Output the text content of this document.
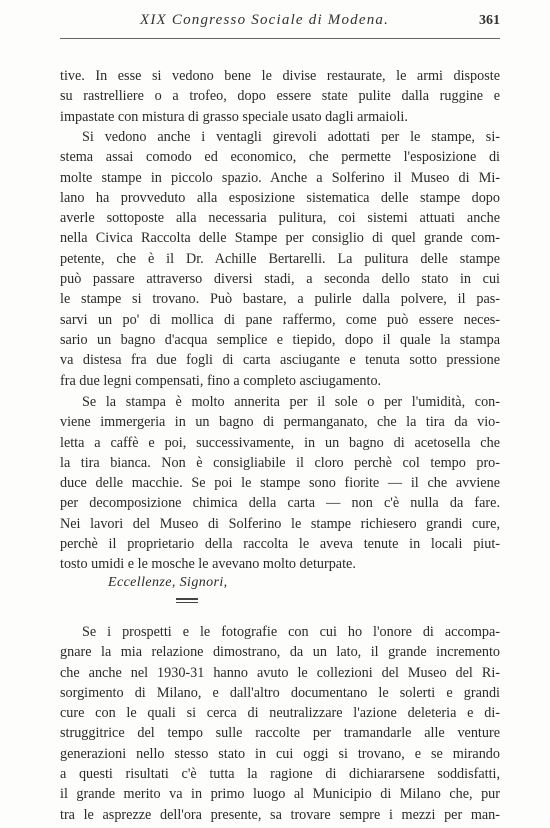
XIX Congresso Sociale di Modena.	361
tive. In esse si vedono bene le divise restaurate, le armi disposte
su rastrelliere o a trofeo, dopo essere state pulite dalla ruggine e
impastate con mistura di grasso speciale usato dagli armaioli.
Si vedono anche i ventagli girevoli adottati per le stampe, si-
stema assai comodo ed economico, che permette l'esposizione di
molte stampe in piccolo spazio. Anche a Solferino il Museo di Mi-
lano ha provveduto alla esposizione sistematica delle stampe dopo
averle sottoposte alla necessaria pulitura, coi sistemi attuati anche
nella Civica Raccolta delle Stampe per consiglio di quel grande com-
petente, che è il Dr. Achille Bertarelli. La pulitura delle stampe
può passare attraverso diversi stadi, a seconda dello stato in cui
le stampe si trovano. Può bastare, a pulirle dalla polvere, il pas-
sarvi un po' di mollica di pane raffermo, come può essere neces-
sario un bagno d'acqua semplice e tiepido, dopo il quale la stampa
va distesa fra due fogli di carta asciugante e tenuta sotto pressione
fra due legni compensati, fino a completo asciugamento.
Se la stampa è molto annerita per il sole o per l'umidità, con-
viene immergeria in un bagno di permanganato, che la tira da vio-
letta a caffè e poi, successivamente, in un bagno di acetosella che
la tira bianca. Non è consigliabile il cloro perchè col tempo pro-
duce delle macchie. Se poi le stampe sono fiorite — il che avviene
per decomposizione chimica della carta — non c'è nulla da fare.
Nei lavori del Museo di Solferino le stampe richiesero grandi cure,
perchè il proprietario della raccolta le aveva tenute in locali piut-
tosto umidi e le mosche le avevano molto deturpate.
Eccellenze, Signori,
Se i prospetti e le fotografie con cui ho l'onore di accompa-
gnare la mia relazione dimostrano, da un lato, il grande incremento
che anche nel 1930-31 hanno avuto le collezioni del Museo del Ri-
sorgimento di Milano, e dall'altro documentano le solerti e grandi
cure con le quali si cerca di neutralizzare l'azione deleteria e di-
struggitrice del tempo sulle raccolte per tramandarle alle venture
generazioni nello stesso stato in cui oggi si trovano, e se mirando
a questi risultati c'è tutta la ragione di dichiararsene soddisfatti,
il grande merito va in primo luogo al Municipio di Milano che, pur
tra le asprezze dell'ora presente, sa trovare sempre i mezzi per man-
